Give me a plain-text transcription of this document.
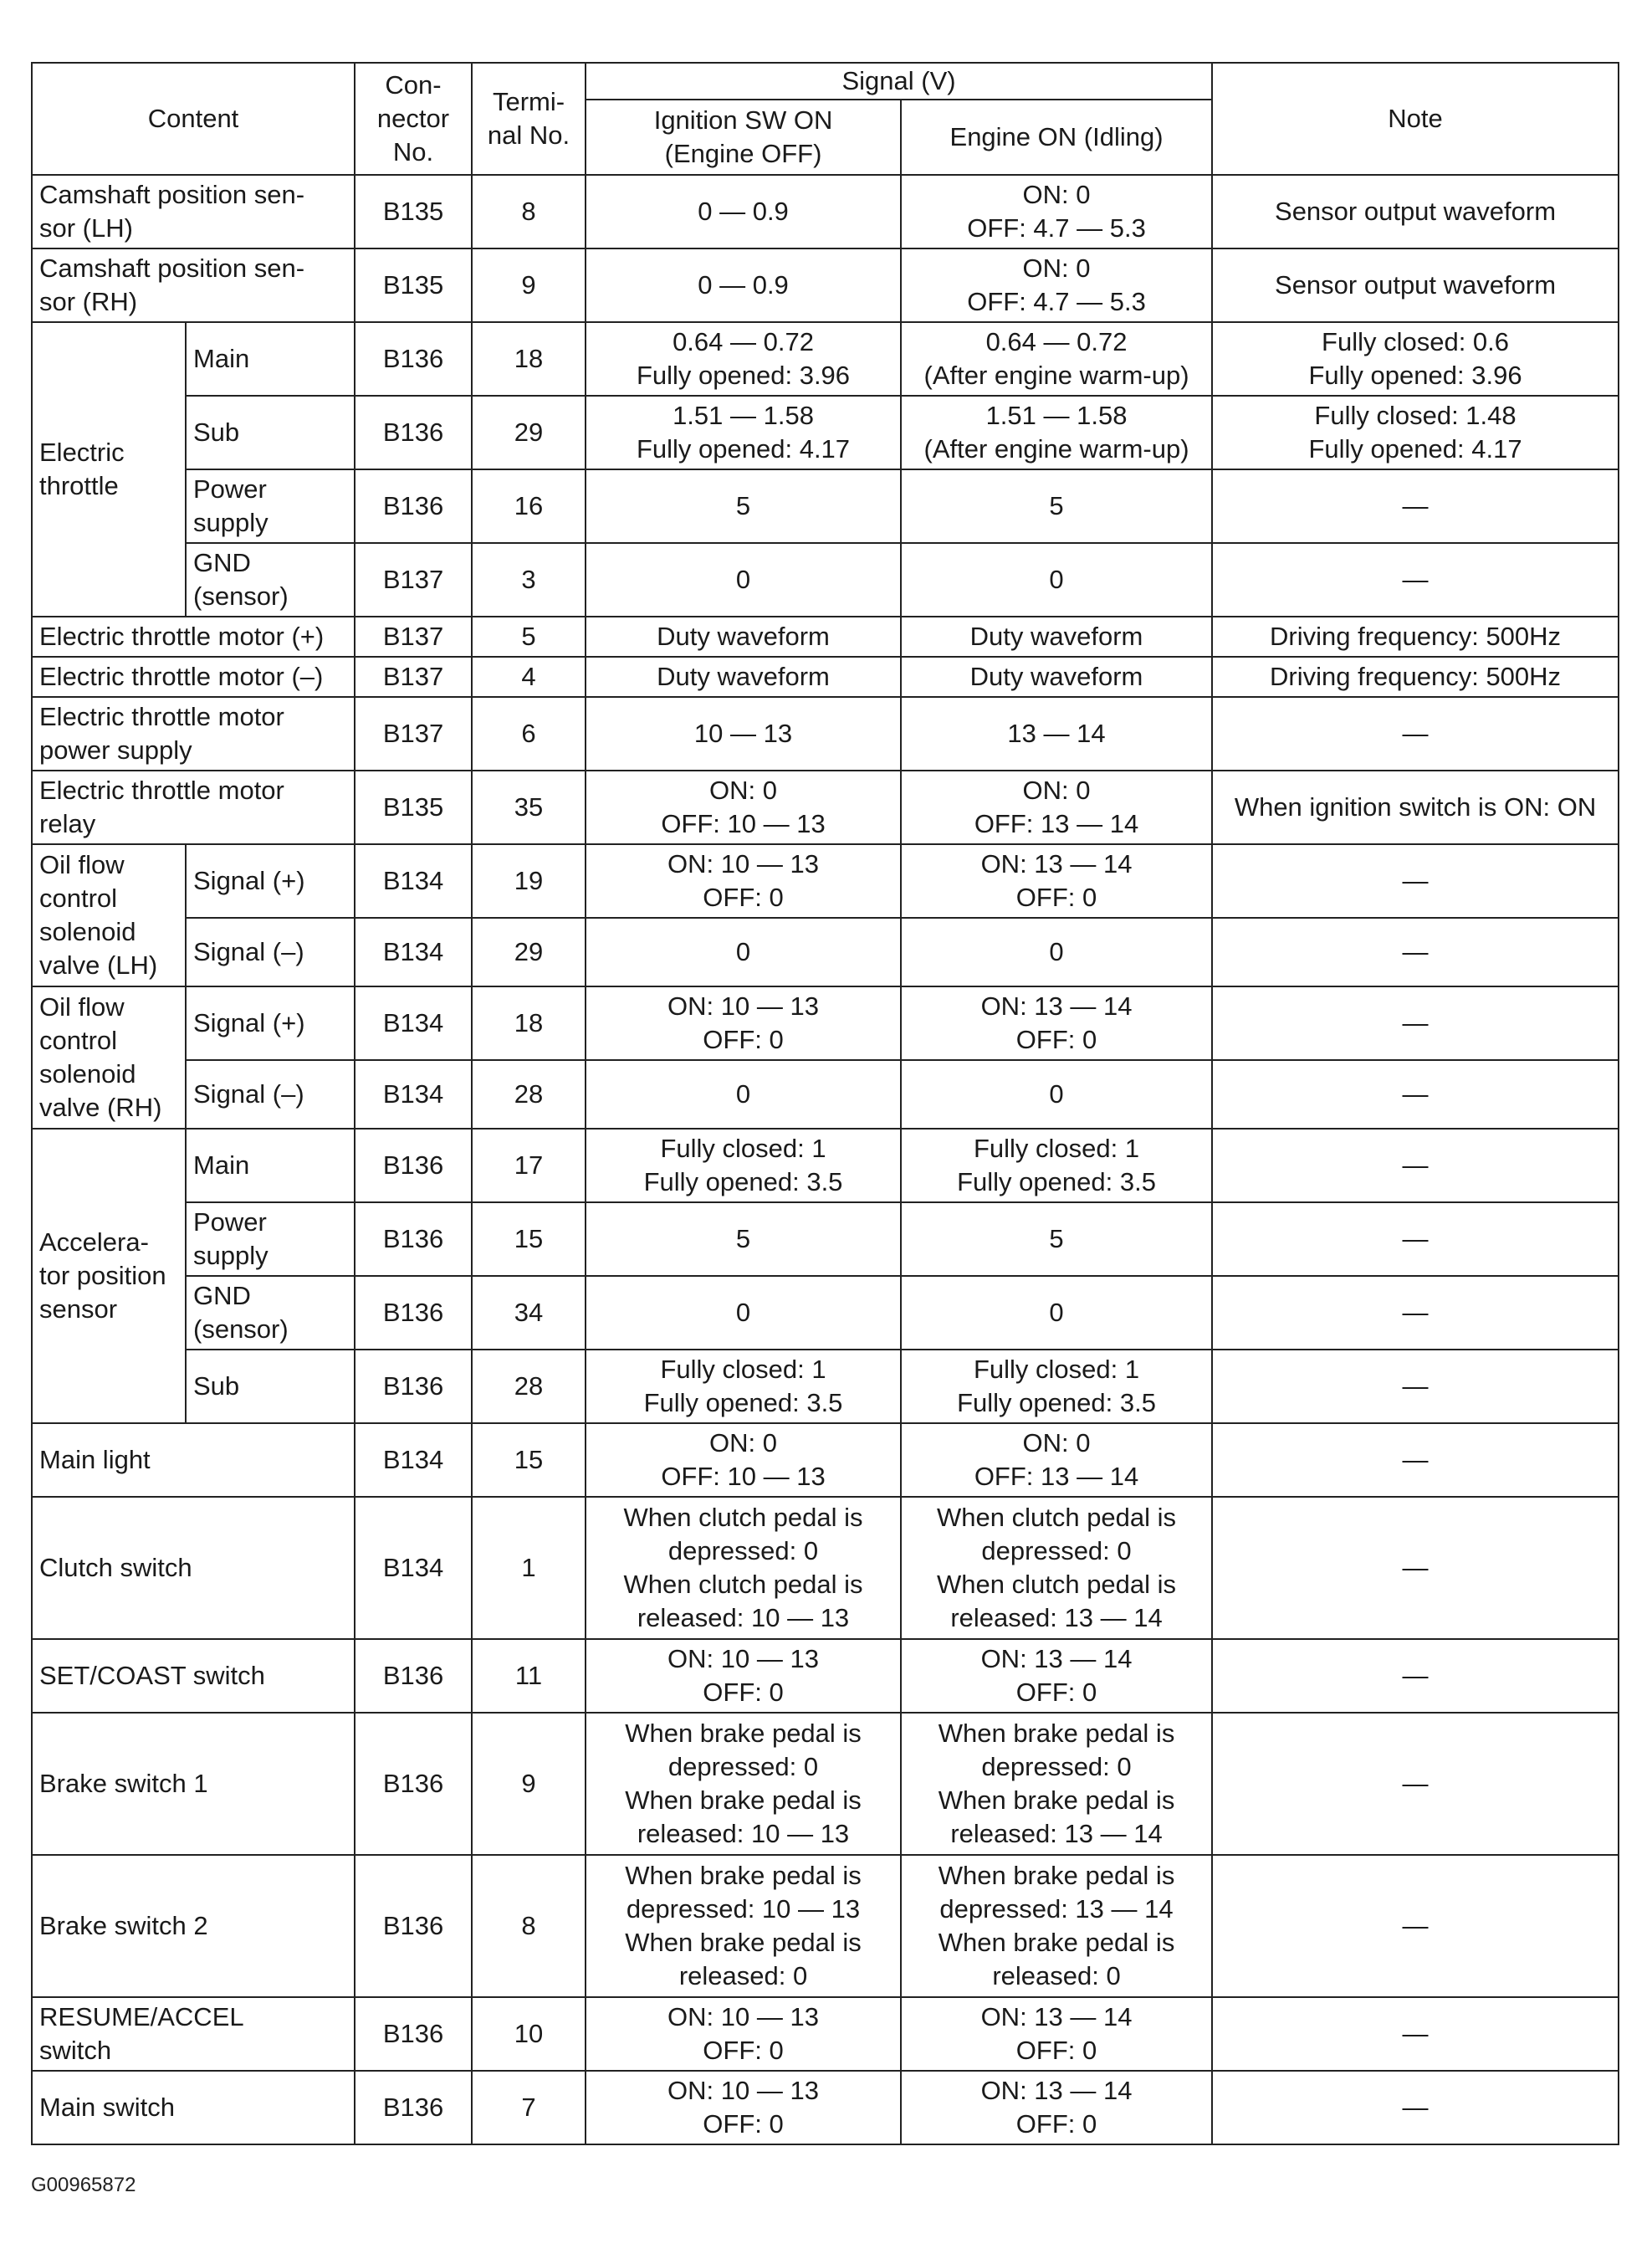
Content		Con-
nector
No.	Termi-
nal No.	Signal (V)		Note

				Ignition SW ON
(Engine OFF)	Engine ON (Idling)	

Camshaft position sen-
sor (LH)		B135	8	0 — 0.9	ON: 0
OFF: 4.7 — 5.3	Sensor output waveform

Camshaft position sen-
sor (RH)		B135	9	0 — 0.9	ON: 0
OFF: 4.7 — 5.3	Sensor output waveform

Electric
throttle	Main	B136	18	0.64 — 0.72
Fully opened: 3.96	0.64 — 0.72
(After engine warm-up)	Fully closed: 0.6
Fully opened: 3.96

	Sub	B136	29	1.51 — 1.58
Fully opened: 4.17	1.51 — 1.58
(After engine warm-up)	Fully closed: 1.48
Fully opened: 4.17

	Power
supply	B136	16	5	5	—

	GND
(sensor)	B137	3	0	0	—

Electric throttle motor (+)		B137	5	Duty waveform	Duty waveform	Driving frequency: 500Hz

Electric throttle motor (–)		B137	4	Duty waveform	Duty waveform	Driving frequency: 500Hz

Electric throttle motor
power supply		B137	6	10 — 13	13 — 14	—

Electric throttle motor
relay		B135	35	ON: 0
OFF: 10 — 13	ON: 0
OFF: 13 — 14	When ignition switch is ON: ON

Oil flow
control
solenoid
valve (LH)	Signal (+)	B134	19	ON: 10 — 13
OFF: 0	ON: 13 — 14
OFF: 0	—

	Signal (–)	B134	29	0	0	—

Oil flow
control
solenoid
valve (RH)	Signal (+)	B134	18	ON: 10 — 13
OFF: 0	ON: 13 — 14
OFF: 0	—

	Signal (–)	B134	28	0	0	—

Accelera-
tor position
sensor	Main	B136	17	Fully closed: 1
Fully opened: 3.5	Fully closed: 1
Fully opened: 3.5	—

	Power
supply	B136	15	5	5	—

	GND
(sensor)	B136	34	0	0	—

	Sub	B136	28	Fully closed: 1
Fully opened: 3.5	Fully closed: 1
Fully opened: 3.5	—

Main light		B134	15	ON: 0
OFF: 10 — 13	ON: 0
OFF: 13 — 14	—

Clutch switch		B134	1	When clutch pedal is
depressed: 0
When clutch pedal is
released: 10 — 13	When clutch pedal is
depressed: 0
When clutch pedal is
released: 13 — 14	—

SET/COAST switch		B136	11	ON: 10 — 13
OFF: 0	ON: 13 — 14
OFF: 0	—

Brake switch 1		B136	9	When brake pedal is
depressed: 0
When brake pedal is
released: 10 — 13	When brake pedal is
depressed: 0
When brake pedal is
released: 13 — 14	—

Brake switch 2		B136	8	When brake pedal is
depressed: 10 — 13
When brake pedal is
released: 0	When brake pedal is
depressed: 13 — 14
When brake pedal is
released: 0	—

RESUME/ACCEL
switch		B136	10	ON: 10 — 13
OFF: 0	ON: 13 — 14
OFF: 0	—

Main switch		B136	7	ON: 10 — 13
OFF: 0	ON: 13 — 14
OFF: 0	—
G00965872
